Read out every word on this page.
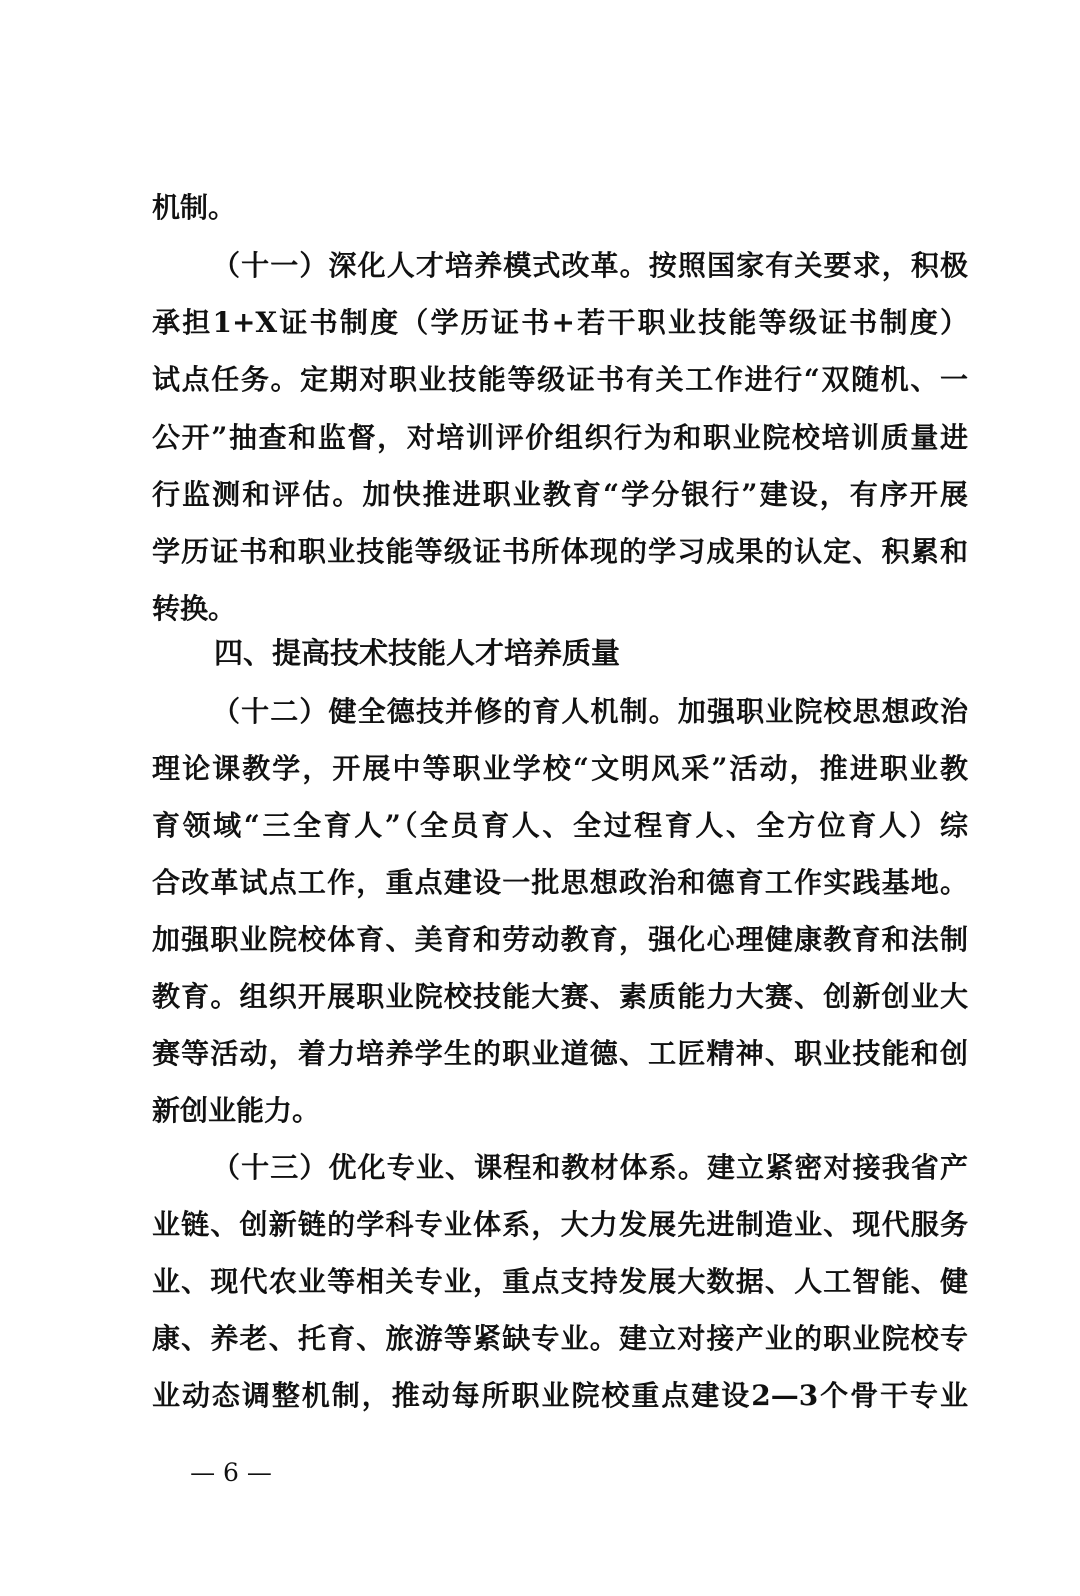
机制。
（十一）深化人才培养模式改革。按照国家有关要求，积极
承担1+X证书制度（学历证书+若干职业技能等级证书制度）
试点任务。定期对职业技能等级证书有关工作进行“双随机、一
公开”抽查和监督，对培训评价组织行为和职业院校培训质量进
行监测和评估。加快推进职业教育“学分银行”建设，有序开展
学历证书和职业技能等级证书所体现的学习成果的认定、积累和
转换。
四、提高技术技能人才培养质量
（十二）健全德技并修的育人机制。加强职业院校思想政治
理论课教学，开展中等职业学校“文明风采”活动，推进职业教
育领域“三全育人”（全员育人、全过程育人、全方位育人）综
合改革试点工作，重点建设一批思想政治和德育工作实践基地。
加强职业院校体育、美育和劳动教育，强化心理健康教育和法制
教育。组织开展职业院校技能大赛、素质能力大赛、创新创业大
赛等活动，着力培养学生的职业道德、工匠精神、职业技能和创
新创业能力。
（十三）优化专业、课程和教材体系。建立紧密对接我省产
业链、创新链的学科专业体系，大力发展先进制造业、现代服务
业、现代农业等相关专业，重点支持发展大数据、人工智能、健
康、养老、托育、旅游等紧缺专业。建立对接产业的职业院校专
业动态调整机制，推动每所职业院校重点建设2—3个骨干专业
— 6 —
